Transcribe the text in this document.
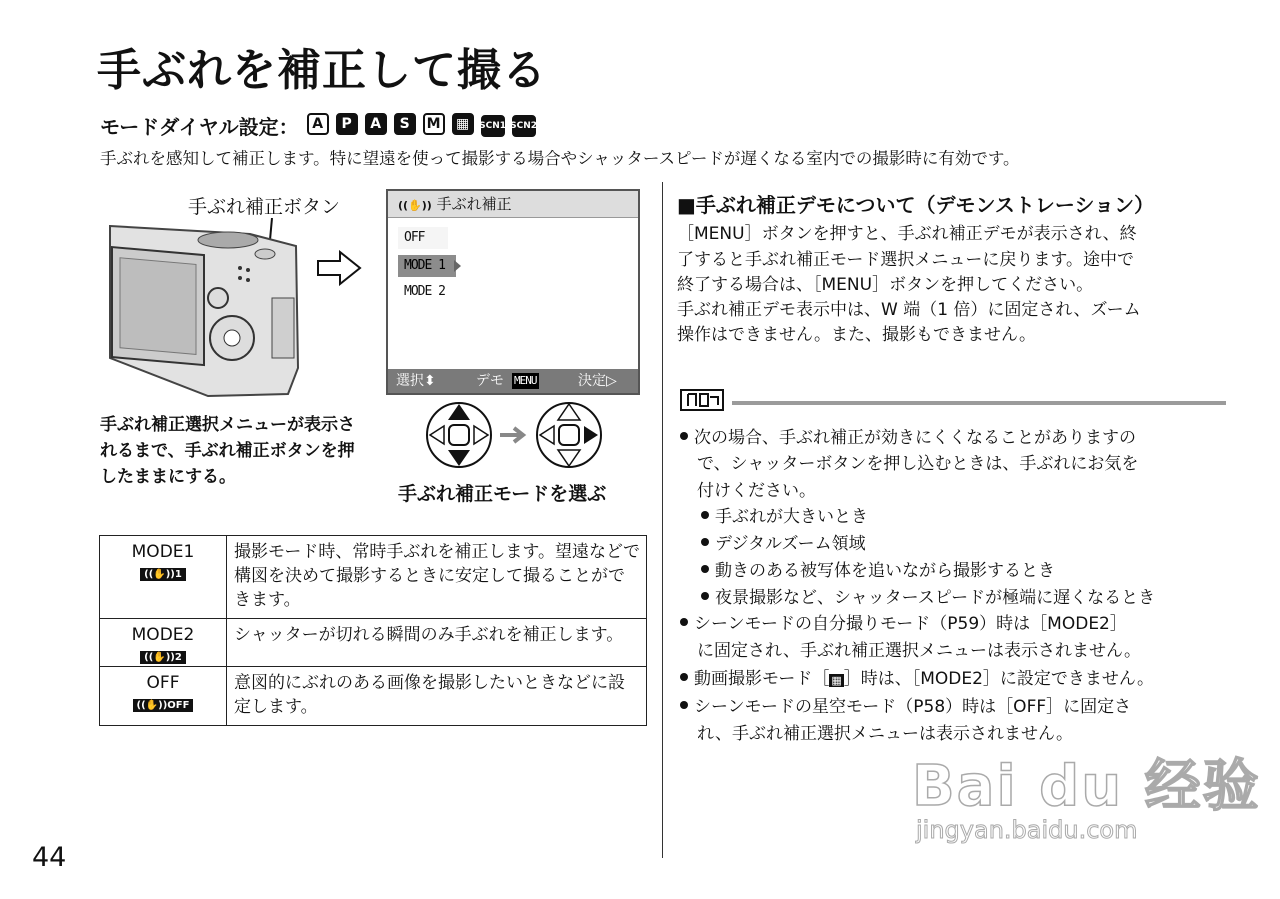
手ぶれを補正して撮る
モードダイヤル設定： A P A S M ▦ SCN1 SCN2
手ぶれを感知して補正します。特に望遠を使って撮影する場合やシャッタースピードが遅くなる室内での撮影時に有効です。
手ぶれ補正ボタン	((✋)) 手ぶれ補正
OFF
MODE 1
MODE 2
選択⬍	デモ MENU	決定▷
手ぶれ補正選択メニューが表示されるまで、手ぶれ補正ボタンを押したままにする。
手ぶれ補正モードを選ぶ
MODE1
((✋))1	撮影モード時、常時手ぶれを補正します。望遠などで構図を決めて撮影するときに安定して撮ることができます。

MODE2
((✋))2	シャッターが切れる瞬間のみ手ぶれを補正します。

OFF
((✋))OFF	意図的にぶれのある画像を撮影したいときなどに設定します。
■手ぶれ補正デモについて（デモンストレーション）
［MENU］ボタンを押すと、手ぶれ補正デモが表示され、終
了すると手ぶれ補正モード選択メニューに戻ります。途中で
終了する場合は、［MENU］ボタンを押してください。
手ぶれ補正デモ表示中は、W 端（1 倍）に固定され、ズーム
操作はできません。また、撮影もできません。
次の場合、手ぶれ補正が効きにくくなることがありますの
で、シャッターボタンを押し込むときは、手ぶれにお気を
付けください。
手ぶれが大きいとき
デジタルズーム領域
動きのある被写体を追いながら撮影するとき
夜景撮影など、シャッタースピードが極端に遅くなるとき
シーンモードの自分撮りモード（P59）時は［MODE2］
に固定され、手ぶれ補正選択メニューは表示されません。
動画撮影モード［ ▦ ］時は、［MODE2］に設定できません。
シーンモードの星空モード（P58）時は［OFF］に固定さ
れ、手ぶれ補正選択メニューは表示されません。
44
Bai du 经验
jingyan.baidu.com
